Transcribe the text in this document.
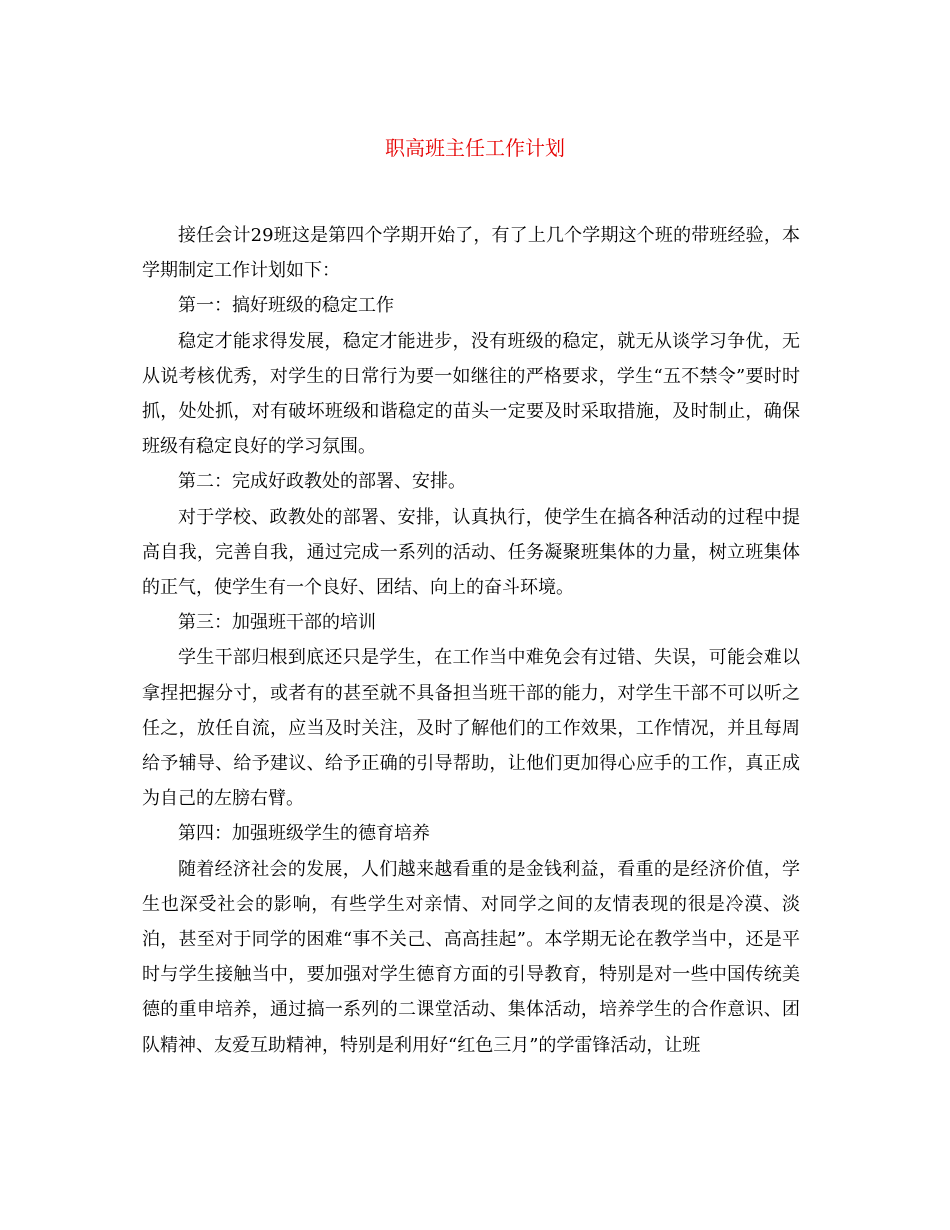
职高班主任工作计划

接任会计29班这是第四个学期开始了，有了上几个学期这个班的带班经验，本学期制定工作计划如下：

第一：搞好班级的稳定工作

稳定才能求得发展，稳定才能进步，没有班级的稳定，就无从谈学习争优，无从说考核优秀，对学生的日常行为要一如继往的严格要求，学生“五不禁令”要时时抓，处处抓，对有破坏班级和谐稳定的苗头一定要及时采取措施，及时制止，确保班级有稳定良好的学习氛围。

第二：完成好政教处的部署、安排。

对于学校、政教处的部署、安排，认真执行，使学生在搞各种活动的过程中提高自我，完善自我，通过完成一系列的活动、任务凝聚班集体的力量，树立班集体的正气，使学生有一个良好、团结、向上的奋斗环境。

第三：加强班干部的培训

学生干部归根到底还只是学生，在工作当中难免会有过错、失误，可能会难以拿捏把握分寸，或者有的甚至就不具备担当班干部的能力，对学生干部不可以听之任之，放任自流，应当及时关注，及时了解他们的工作效果，工作情况，并且每周给予辅导、给予建议、给予正确的引导帮助，让他们更加得心应手的工作，真正成为自己的左膀右臂。

第四：加强班级学生的德育培养

随着经济社会的发展，人们越来越看重的是金钱利益，看重的是经济价值，学生也深受社会的影响，有些学生对亲情、对同学之间的友情表现的很是冷漠、淡泊，甚至对于同学的困难“事不关己、高高挂起”。本学期无论在教学当中，还是平时与学生接触当中，要加强对学生德育方面的引导教育，特别是对一些中国传统美德的重申培养，通过搞一系列的二课堂活动、集体活动，培养学生的合作意识、团队精神、友爱互助精神，特别是利用好“红色三月”的学雷锋活动，让班
